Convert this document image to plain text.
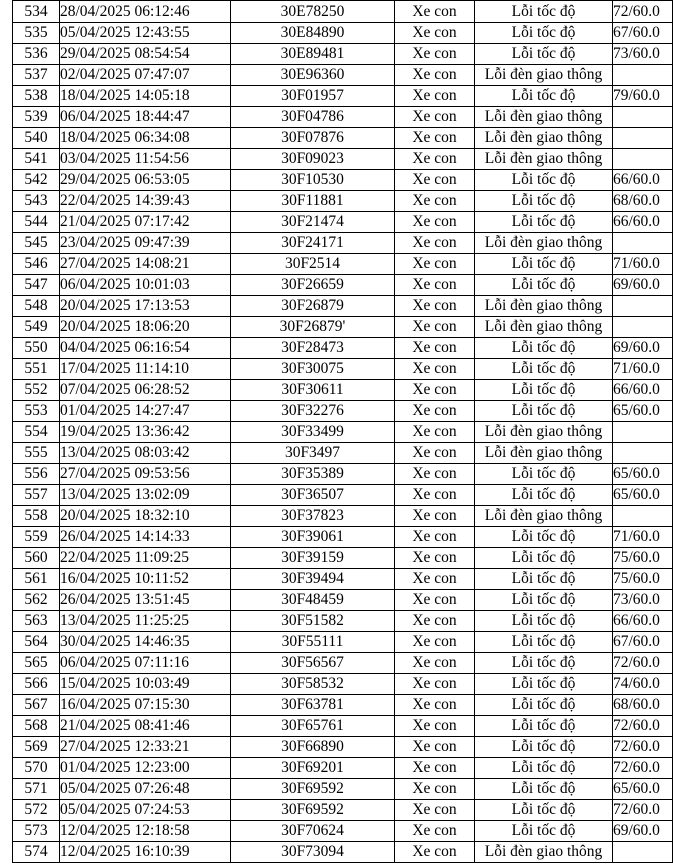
534	28/04/2025 06:12:46	30E78250	Xe con	Lỗi tốc độ	72/60.0
535	05/04/2025 12:43:55	30E84890	Xe con	Lỗi tốc độ	67/60.0
536	29/04/2025 08:54:54	30E89481	Xe con	Lỗi tốc độ	73/60.0
537	02/04/2025 07:47:07	30E96360	Xe con	Lỗi đèn giao thông	
538	18/04/2025 14:05:18	30F01957	Xe con	Lỗi tốc độ	79/60.0
539	06/04/2025 18:44:47	30F04786	Xe con	Lỗi đèn giao thông	
540	18/04/2025 06:34:08	30F07876	Xe con	Lỗi đèn giao thông	
541	03/04/2025 11:54:56	30F09023	Xe con	Lỗi đèn giao thông	
542	29/04/2025 06:53:05	30F10530	Xe con	Lỗi tốc độ	66/60.0
543	22/04/2025 14:39:43	30F11881	Xe con	Lỗi tốc độ	68/60.0
544	21/04/2025 07:17:42	30F21474	Xe con	Lỗi tốc độ	66/60.0
545	23/04/2025 09:47:39	30F24171	Xe con	Lỗi đèn giao thông	
546	27/04/2025 14:08:21	30F2514	Xe con	Lỗi tốc độ	71/60.0
547	06/04/2025 10:01:03	30F26659	Xe con	Lỗi tốc độ	69/60.0
548	20/04/2025 17:13:53	30F26879	Xe con	Lỗi đèn giao thông	
549	20/04/2025 18:06:20	30F26879'	Xe con	Lỗi đèn giao thông	
550	04/04/2025 06:16:54	30F28473	Xe con	Lỗi tốc độ	69/60.0
551	17/04/2025 11:14:10	30F30075	Xe con	Lỗi tốc độ	71/60.0
552	07/04/2025 06:28:52	30F30611	Xe con	Lỗi tốc độ	66/60.0
553	01/04/2025 14:27:47	30F32276	Xe con	Lỗi tốc độ	65/60.0
554	19/04/2025 13:36:42	30F33499	Xe con	Lỗi đèn giao thông	
555	13/04/2025 08:03:42	30F3497	Xe con	Lỗi đèn giao thông	
556	27/04/2025 09:53:56	30F35389	Xe con	Lỗi tốc độ	65/60.0
557	13/04/2025 13:02:09	30F36507	Xe con	Lỗi tốc độ	65/60.0
558	20/04/2025 18:32:10	30F37823	Xe con	Lỗi đèn giao thông	
559	26/04/2025 14:14:33	30F39061	Xe con	Lỗi tốc độ	71/60.0
560	22/04/2025 11:09:25	30F39159	Xe con	Lỗi tốc độ	75/60.0
561	16/04/2025 10:11:52	30F39494	Xe con	Lỗi tốc độ	75/60.0
562	26/04/2025 13:51:45	30F48459	Xe con	Lỗi tốc độ	73/60.0
563	13/04/2025 11:25:25	30F51582	Xe con	Lỗi tốc độ	66/60.0
564	30/04/2025 14:46:35	30F55111	Xe con	Lỗi tốc độ	67/60.0
565	06/04/2025 07:11:16	30F56567	Xe con	Lỗi tốc độ	72/60.0
566	15/04/2025 10:03:49	30F58532	Xe con	Lỗi tốc độ	74/60.0
567	16/04/2025 07:15:30	30F63781	Xe con	Lỗi tốc độ	68/60.0
568	21/04/2025 08:41:46	30F65761	Xe con	Lỗi tốc độ	72/60.0
569	27/04/2025 12:33:21	30F66890	Xe con	Lỗi tốc độ	72/60.0
570	01/04/2025 12:23:00	30F69201	Xe con	Lỗi tốc độ	72/60.0
571	05/04/2025 07:26:48	30F69592	Xe con	Lỗi tốc độ	65/60.0
572	05/04/2025 07:24:53	30F69592	Xe con	Lỗi tốc độ	72/60.0
573	12/04/2025 12:18:58	30F70624	Xe con	Lỗi tốc độ	69/60.0
574	12/04/2025 16:10:39	30F73094	Xe con	Lỗi đèn giao thông	
